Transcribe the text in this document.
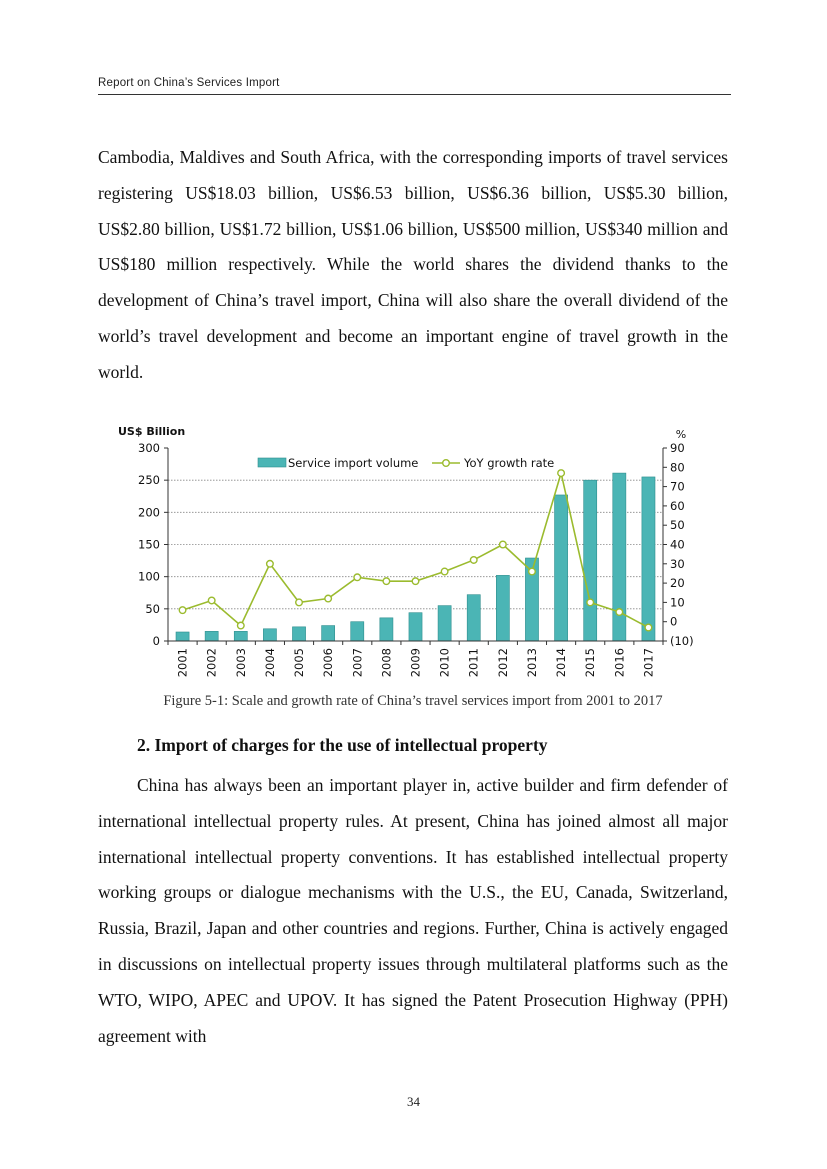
Report on China’s Services Import

Cambodia, Maldives and South Africa, with the corresponding imports of travel services registering US$18.03 billion, US$6.53 billion, US$6.36 billion, US$5.30 billion, US$2.80 billion, US$1.72 billion, US$1.06 billion, US$500 million, US$340 million and US$180 million respectively. While the world shares the dividend thanks to the development of China’s travel import, China will also share the overall dividend of the world’s travel development and become an important engine of travel growth in the world.

0
50
100
150
200
250
300
(10)
0
10
20
30
40
50
60
70
80
90
2001 2002 2003 2004 2005 2006 2007 2008 2009 2010 2011 2012 2013 2014 2015 2016 2017
US$ Billion	%
Service import volume	YoY growth rate
Figure 5-1: Scale and growth rate of China’s travel services import from 2001 to 2017
2. Import of charges for the use of intellectual property

China has always been an important player in, active builder and firm defender of international intellectual property rules. At present, China has joined almost all major international intellectual property conventions. It has established intellectual property working groups or dialogue mechanisms with the U.S., the EU, Canada, Switzerland, Russia, Brazil, Japan and other countries and regions. Further, China is actively engaged in discussions on intellectual property issues through multilateral platforms such as the WTO, WIPO, APEC and UPOV. It has signed the Patent Prosecution Highway (PPH) agreement with

34
